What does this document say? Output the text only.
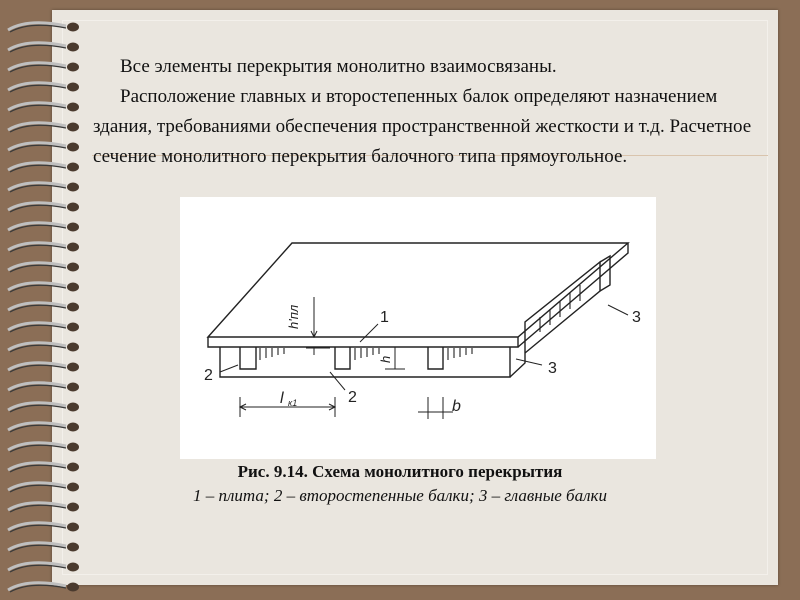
Все элементы перекрытия монолитно взаимосвязаны.

Расположение главных и второстепенных балок определяют назначением здания, требованиями обеспечения пространственной жесткости и т.д. Расчетное сечение монолитного перекрытия балочного типа прямоугольное.

1
2
2
3
3
b
l к1
h'пл
h
Рис. 9.14. Схема монолитного перекрытия
1 – плита; 2 – второстепенные балки; 3 – главные балки
